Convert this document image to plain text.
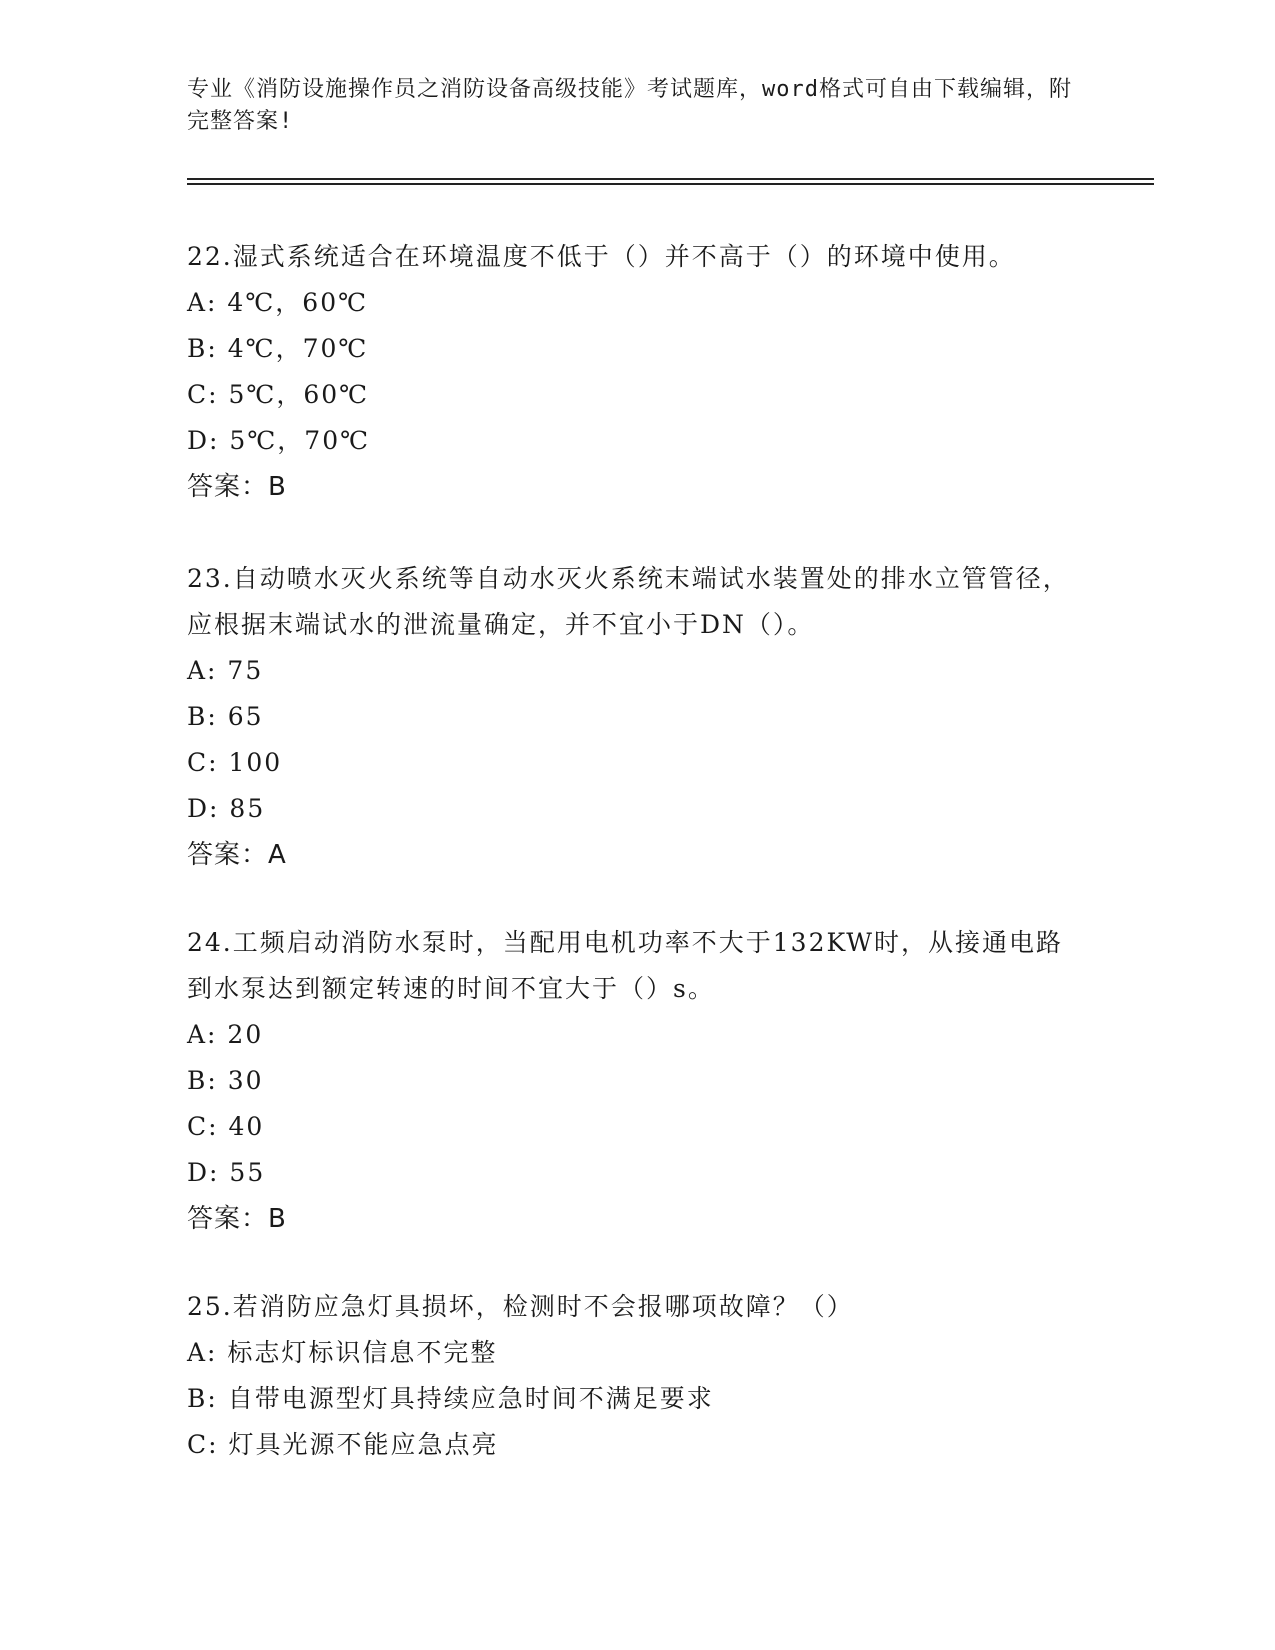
专业《消防设施操作员之消防设备高级技能》考试题库，word格式可自由下载编辑，附完整答案!

22.湿式系统适合在环境温度不低于（）并不高于（）的环境中使用。

A: 4℃，60℃

B: 4℃，70℃

C: 5℃，60℃

D: 5℃，70℃

答案：B

23.自动喷水灭火系统等自动水灭火系统末端试水装置处的排水立管管径，应根据末端试水的泄流量确定，并不宜小于DN（）。

A: 75

B: 65

C: 100

D: 85

答案：A

24.工频启动消防水泵时，当配用电机功率不大于132KW时，从接通电路到水泵达到额定转速的时间不宜大于（）s。

A: 20

B: 30

C: 40

D: 55

答案：B

25.若消防应急灯具损坏，检测时不会报哪项故障？（）

A: 标志灯标识信息不完整

B: 自带电源型灯具持续应急时间不满足要求

C: 灯具光源不能应急点亮
